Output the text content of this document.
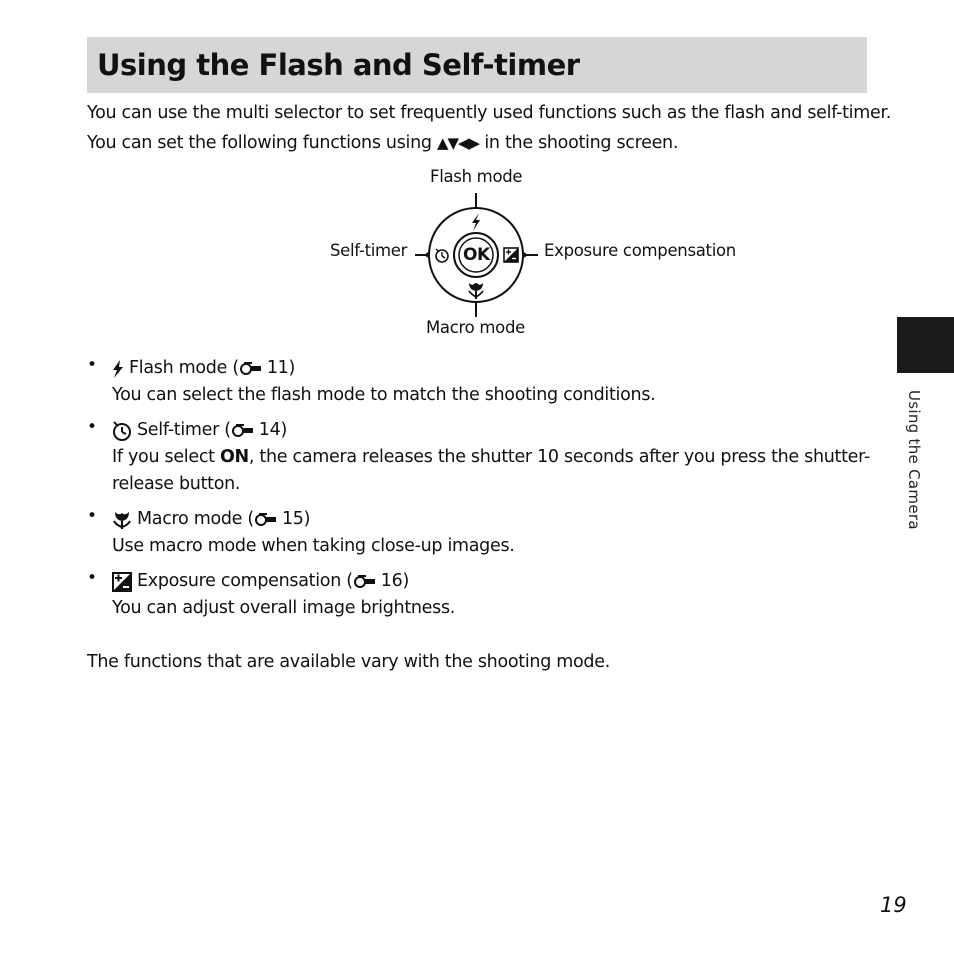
Using the Flash and Self-timer

You can use the multi selector to set frequently used functions such as the flash and self-timer.

You can set the following functions using ▲▼◀▶ in the shooting screen.

Flash mode
Self-timer	Exposure compensation
Macro mode
OK
• Flash mode ( 11 )
You can select the flash mode to match the shooting conditions.
• Self-timer ( 14 )
If you select ON, the camera releases the shutter 10 seconds after you press the shutter-
release button.
• Macro mode ( 15 )
Use macro mode when taking close-up images.
• Exposure compensation ( 16 )
You can adjust overall image brightness.
The functions that are available vary with the shooting mode.
Using the Camera
19
